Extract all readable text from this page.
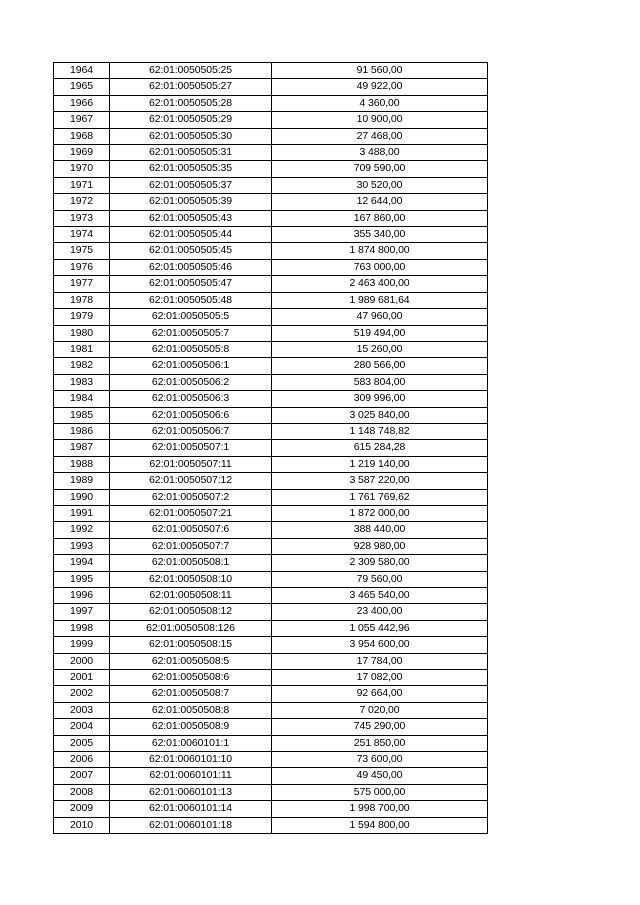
1964	62:01:0050505:25	91 560,00
1965	62:01:0050505:27	49 922,00
1966	62:01:0050505:28	4 360,00
1967	62:01:0050505:29	10 900,00
1968	62:01:0050505:30	27 468,00
1969	62:01:0050505:31	3 488,00
1970	62:01:0050505:35	709 590,00
1971	62:01:0050505:37	30 520,00
1972	62:01:0050505:39	12 644,00
1973	62:01:0050505:43	167 860,00
1974	62:01:0050505:44	355 340,00
1975	62:01:0050505:45	1 874 800,00
1976	62:01:0050505:46	763 000,00
1977	62:01:0050505:47	2 463 400,00
1978	62:01:0050505:48	1 989 681,64
1979	62:01:0050505:5	47 960,00
1980	62:01:0050505:7	519 494,00
1981	62:01:0050505:8	15 260,00
1982	62:01:0050506:1	280 566,00
1983	62:01:0050506:2	583 804,00
1984	62:01:0050506:3	309 996,00
1985	62:01:0050506:6	3 025 840,00
1986	62:01:0050506:7	1 148 748,82
1987	62:01:0050507:1	615 284,28
1988	62:01:0050507:11	1 219 140,00
1989	62:01:0050507:12	3 587 220,00
1990	62:01:0050507:2	1 761 769,62
1991	62:01:0050507:21	1 872 000,00
1992	62:01:0050507:6	388 440,00
1993	62:01:0050507:7	928 980,00
1994	62:01:0050508:1	2 309 580,00
1995	62:01:0050508:10	79 560,00
1996	62:01:0050508:11	3 465 540,00
1997	62:01:0050508:12	23 400,00
1998	62:01:0050508:126	1 055 442,96
1999	62:01:0050508:15	3 954 600,00
2000	62:01:0050508:5	17 784,00
2001	62:01:0050508:6	17 082,00
2002	62:01:0050508:7	92 664,00
2003	62:01:0050508:8	7 020,00
2004	62:01:0050508:9	745 290,00
2005	62:01:0060101:1	251 850,00
2006	62:01:0060101:10	73 600,00
2007	62:01:0060101:11	49 450,00
2008	62:01:0060101:13	575 000,00
2009	62:01:0060101:14	1 998 700,00
2010	62:01:0060101:18	1 594 800,00
